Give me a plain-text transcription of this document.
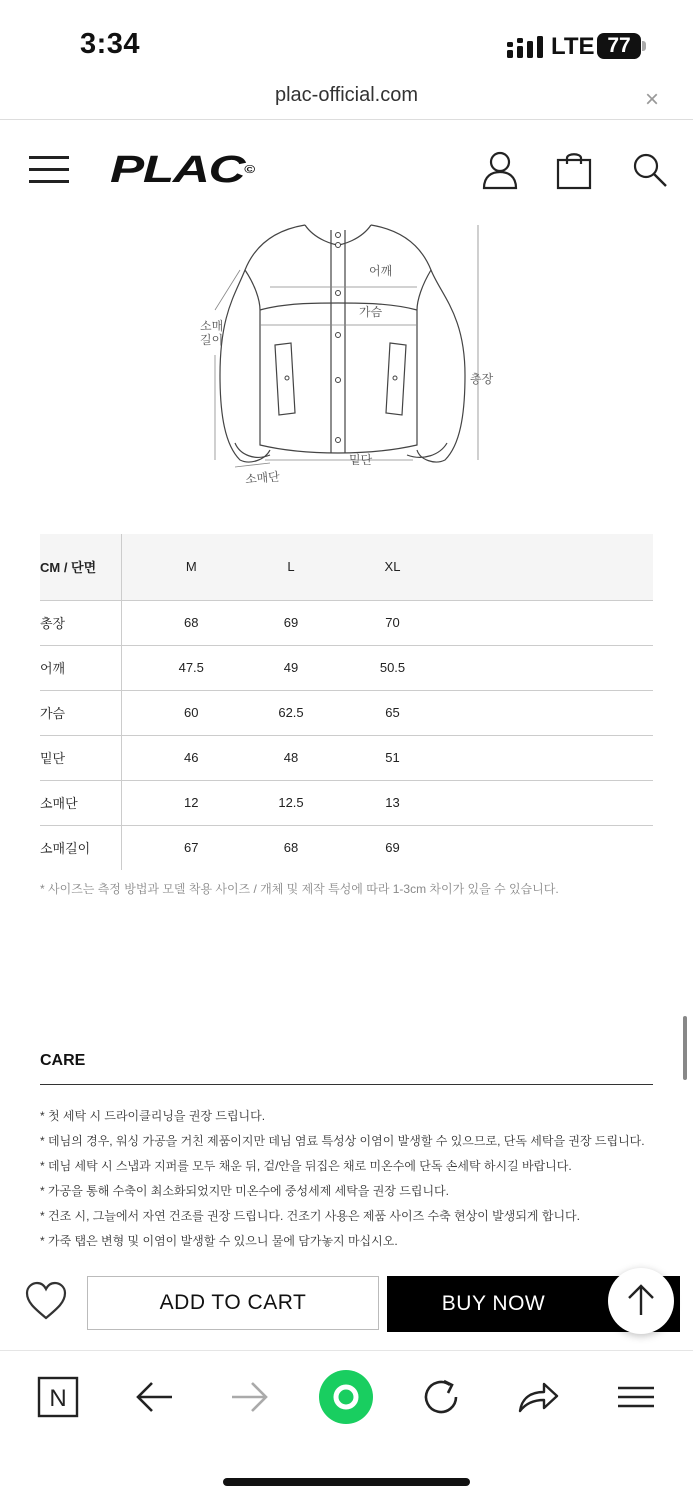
3:34	LTE 77
plac-official.com	×
PLAC©
어깨
가슴
소매
길이
총장
밑단
소매단
CM / 단면	M	L	XL	
총장	68	69	70	
어깨	47.5	49	50.5	
가슴	60	62.5	65	
밑단	46	48	51	
소매단	12	12.5	13	
소매길이	67	68	69	
* 사이즈는 측정 방법과 모델 착용 사이즈 / 개체 및 제작 특성에 따라 1-3cm 차이가 있을 수 있습니다.
CARE
* 첫 세탁 시 드라이클리닝을 권장 드립니다.
* 데님의 경우, 워싱 가공을 거친 제품이지만 데님 염료 특성상 이염이 발생할 수 있으므로, 단독 세탁을 권장 드립니다.
* 데님 세탁 시 스냅과 지퍼를 모두 채운 뒤, 겉/안을 뒤집은 채로 미온수에 단독 손세탁 하시길 바랍니다.
* 가공을 통해 수축이 최소화되었지만 미온수에 중성세제 세탁을 권장 드립니다.
* 건조 시, 그늘에서 자연 건조를 권장 드립니다. 건조기 사용은 제품 사이즈 수축 현상이 발생되게 합니다.
* 가죽 탭은 변형 및 이염이 발생할 수 있으니 물에 담가놓지 마십시오.
ADD TO CART	BUY NOW
N
